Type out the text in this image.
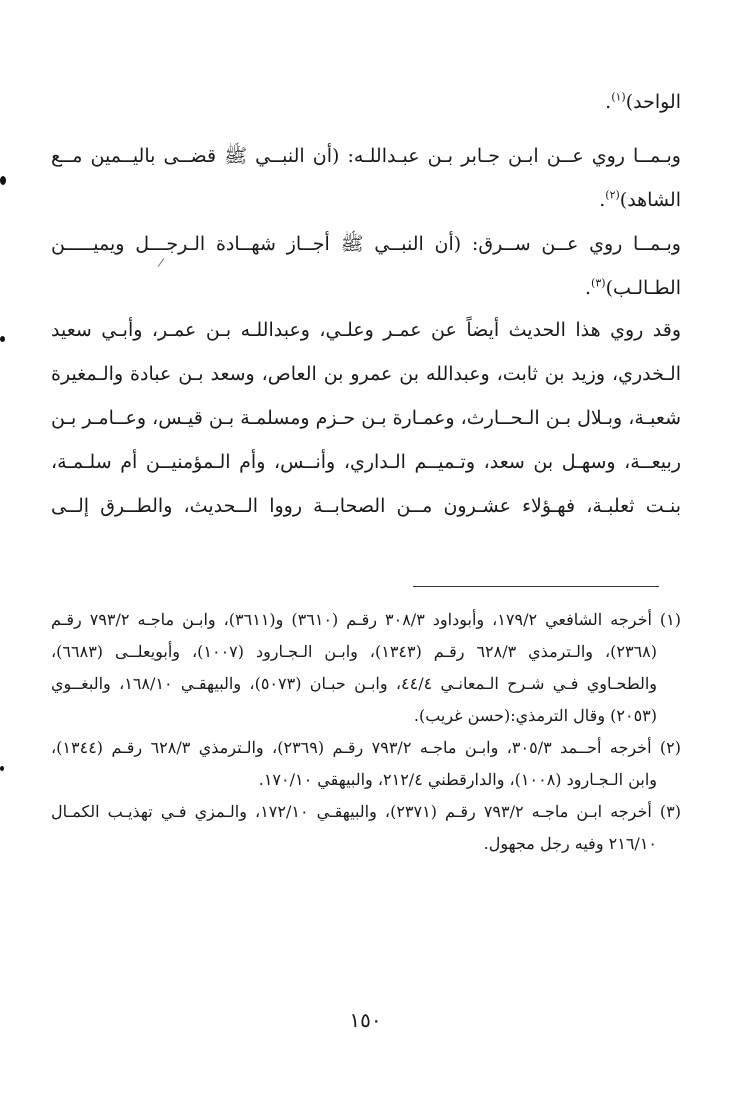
الواحد)$^{(١)}$.
وبـمــا روي عــن ابـن جـابر بـن عبـداللـه: (أن النبــي ﷺ قضــى باليــمين مــع
الشاهد)$^{(٢)}$.
وبـمــا روي عــن ســرق: (أن النبــي ﷺ أجــاز شهــادة الـرجـــل ويميـــــن
الطـالـب)$^{(٣)}$.
وقد روي هذا الحديث أيضاً عن عمـر وعلـي، وعبداللـه بـن عمـر، وأبـي سعيد
الـخدري، وزيد بن ثابت، وعبدالله بن عمرو بن العاص، وسعد بـن عبادة والـمغيرة
شعبـة، وبـلال بـن الـحــارث، وعمـارة بـن حـزم ومسلمـة بـن قيـس، وعــامـر بـن
ربيعــة، وسهـل بن سعد، وتـميــم الـداري، وأنــس، وأم الـمؤمنيــن أم سلـمـة،
بنـت ثعلبـة، فهـؤلاء عشـرون مــن الصحابــة رووا الــحديث، والطــرق إلــى
(١) أخرجه الشافعي ١٧٩/٢، وأبوداود ٣٠٨/٣ رقـم (٣٦١٠) و(٣٦١١)، وابـن ماجـه ٧٩٣/٢ رقـم
(٢٣٦٨)، والـترمذي ٦٢٨/٣ رقـم (١٣٤٣)، وابـن الـجـارود (١٠٠٧)، وأبويعلــى (٦٦٨٣)،
والطحـاوي فـي شـرح الـمعانـي ٤٤/٤، وابـن حبـان (٥٠٧٣)، والبيهقـي ١٦٨/١٠، والبغــوي
(٢٠٥٣) وقال الترمذي:(حسن غريب).
(٢) أخرجه أحــمد ٣٠٥/٣، وابـن ماجـه ٧٩٣/٢ رقـم (٢٣٦٩)، والـترمذي ٦٢٨/٣ رقـم (١٣٤٤)،
وابن الـجـارود (١٠٠٨)، والدارقطني ٢١٢/٤، والبيهقي ١٧٠/١٠.
(٣) أخرجه ابـن ماجـه ٧٩٣/٢ رقـم (٢٣٧١)، والبيهقـي ١٧٢/١٠، والـمزي فـي تهذيـب الكمـال
٢١٦/١٠ وفيه رجل مجهول.
١٥٠
